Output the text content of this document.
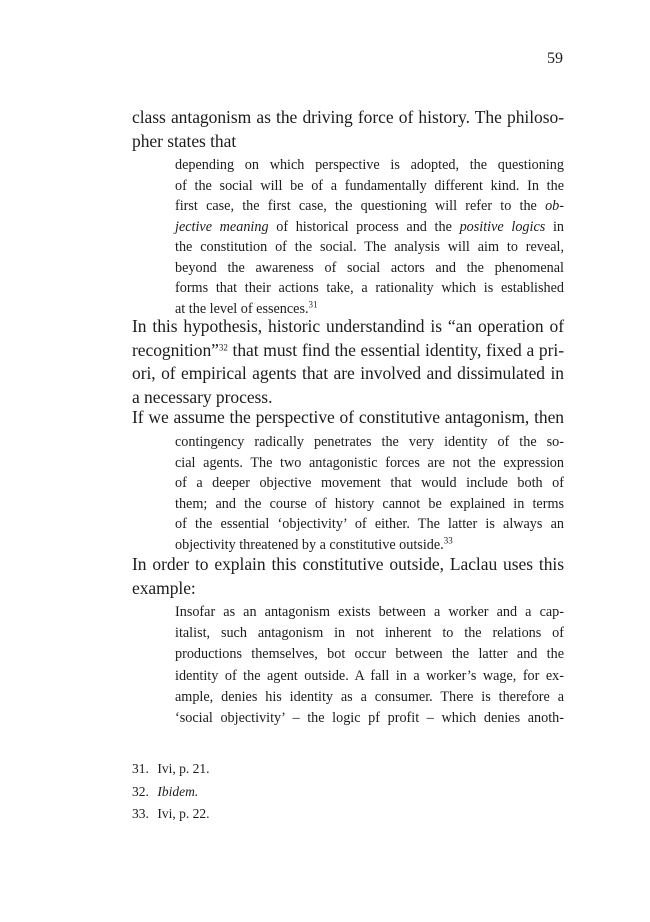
59
class antagonism as the driving force of history. The philoso-
pher states that
depending on which perspective is adopted, the questioning
of the social will be of a fundamentally different kind. In the
first case, the first case, the questioning will refer to the ob-
jective meaning of historical process and the positive logics in
the constitution of the social. The analysis will aim to reveal,
beyond the awareness of social actors and the phenomenal
forms that their actions take, a rationality which is established
at the level of essences.$^{31}$
In this hypothesis, historic understandind is “an operation of
recognition”$^{32}$ that must find the essential identity, fixed a pri-
ori, of empirical agents that are involved and dissimulated in
a necessary process.
If we assume the perspective of constitutive antagonism, then
contingency radically penetrates the very identity of the so-
cial agents. The two antagonistic forces are not the expression
of a deeper objective movement that would include both of
them; and the course of history cannot be explained in terms
of the essential ‘objectivity’ of either. The latter is always an
objectivity threatened by a constitutive outside.$^{33}$
In order to explain this constitutive outside, Laclau uses this
example:
Insofar as an antagonism exists between a worker and a cap-
italist, such antagonism in not inherent to the relations of
productions themselves, bot occur between the latter and the
identity of the agent outside. A fall in a worker’s wage, for ex-
ample, denies his identity as a consumer. There is therefore a
‘social objectivity’ – the logic pf profit – which denies anoth-
31. Ivi, p. 21.
32. Ibidem.
33. Ivi, p. 22.
